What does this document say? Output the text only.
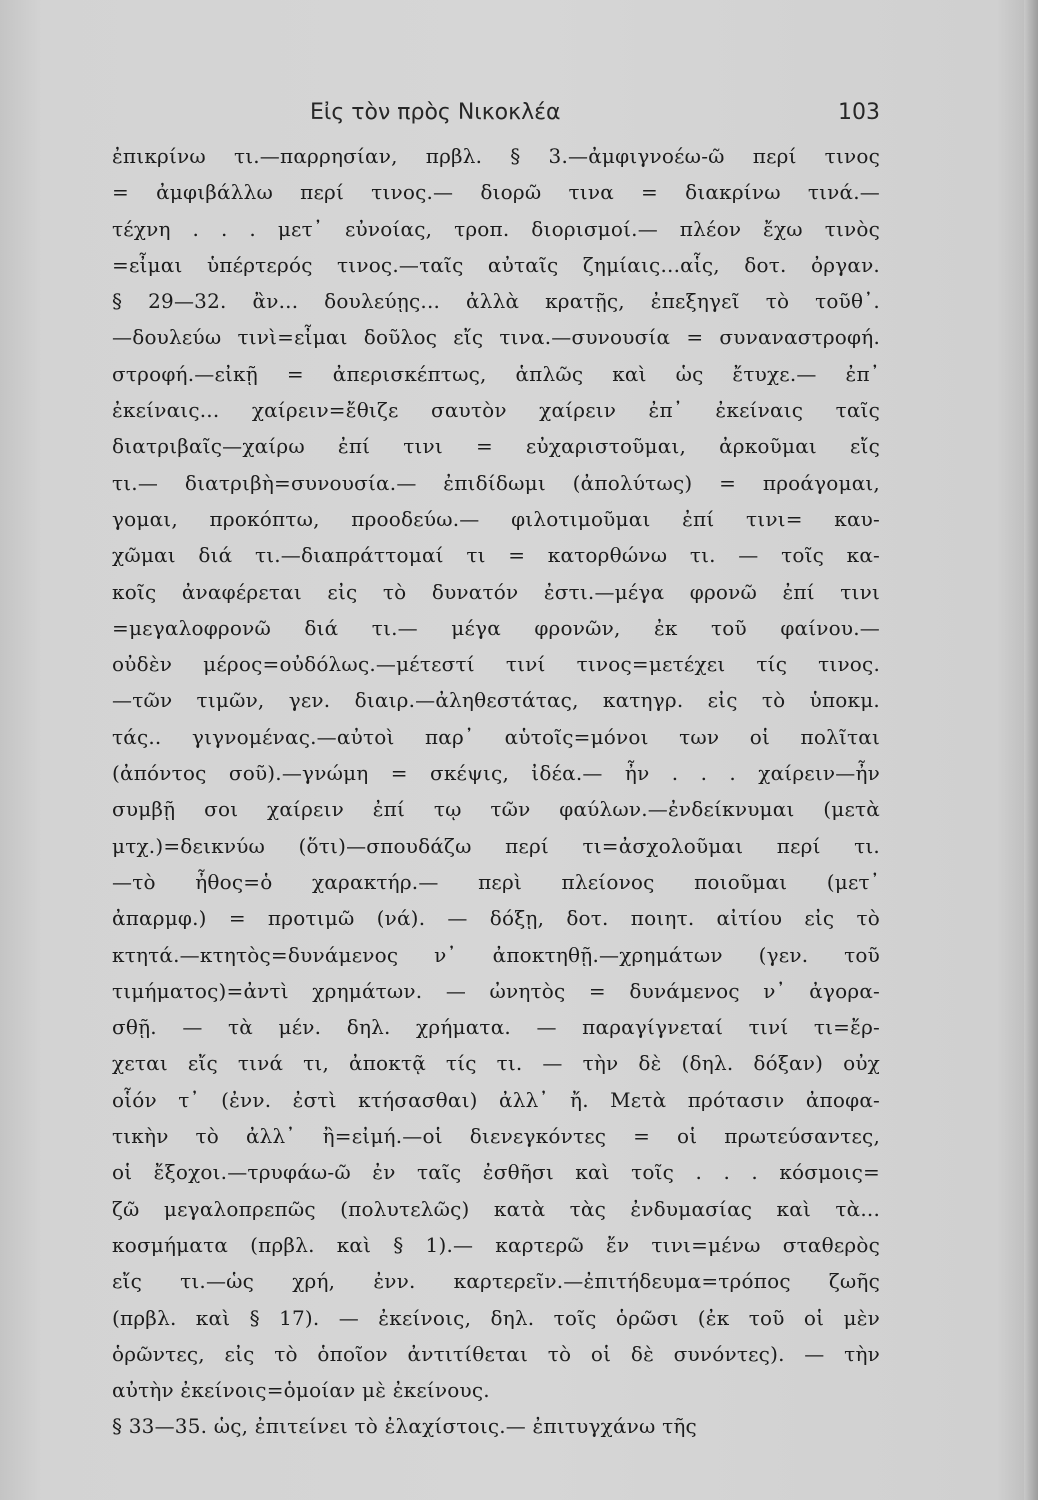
Εἰς τὸν πρὸς Νικοκλέα	103
ἐπικρίνω τι.—παρρησίαν, πρβλ. § 3.—ἀμφιγνοέω-ῶ περί τινος
= ἀμφιβάλλω περί τινος.— διορῶ τινα = διακρίνω τινά.—
τέχνη . . . μετ᾽ εὐνοίας, τροπ. διορισμοί.— πλέον ἔχω τινὸς
=εἶμαι ὑπέρτερός τινος.—ταῖς αὐταῖς ζημίαις...αἷς, δοτ. ὀργαν.
§ 29—32. ἂν... δουλεύῃς... ἀλλὰ κρατῇς, ἐπεξηγεῖ τὸ τοῦθ᾽.
—δουλεύω τινὶ=εἶμαι δοῦλος εἴς τινα.—συνουσία = συναναστροφή.
στροφή.—εἰκῇ = ἀπερισκέπτως, ἁπλῶς καὶ ὡς ἔτυχε.— ἐπ᾽
ἐκείναις... χαίρειν=ἔθιζε σαυτὸν χαίρειν ἐπ᾽ ἐκείναις ταῖς
διατριβαῖς—χαίρω ἐπί τινι = εὐχαριστοῦμαι, ἀρκοῦμαι εἴς
τι.— διατριβὴ=συνουσία.— ἐπιδίδωμι (ἀπολύτως) = προάγομαι,
γομαι, προκόπτω, προοδεύω.— φιλοτιμοῦμαι ἐπί τινι= καυ-
χῶμαι διά τι.—διαπράττομαί τι = κατορθώνω τι. — τοῖς κα-
κοῖς ἀναφέρεται εἰς τὸ δυνατόν ἐστι.—μέγα φρονῶ ἐπί τινι
=μεγαλοφρονῶ διά τι.— μέγα φρονῶν, ἐκ τοῦ φαίνου.—
οὐδὲν μέρος=οὐδόλως.—μέτεστί τινί τινος=μετέχει τίς τινος.
—τῶν τιμῶν, γεν. διαιρ.—ἀληθεστάτας, κατηγρ. εἰς τὸ ὑποκμ.
τάς.. γιγνομένας.—αὐτοὶ παρ᾽ αὑτοῖς=μόνοι των οἱ πολῖται
(ἀπόντος σοῦ).—γνώμη = σκέψις, ἰδέα.— ἦν . . . χαίρειν—ἦν
συμβῇ σοι χαίρειν ἐπί τῳ τῶν φαύλων.—ἐνδείκνυμαι (μετὰ
μτχ.)=δεικνύω (ὅτι)—σπουδάζω περί τι=ἀσχολοῦμαι περί τι.
—τὸ ἦθος=ὁ χαρακτήρ.— περὶ πλείονος ποιοῦμαι (μετ᾽
ἀπαρμφ.) = προτιμῶ (νά). — δόξῃ, δοτ. ποιητ. αἰτίου εἰς τὸ
κτητά.—κτητὸς=δυνάμενος ν᾽ ἀποκτηθῇ.—χρημάτων (γεν. τοῦ
τιμήματος)=ἀντὶ χρημάτων. — ὠνητὸς = δυνάμενος ν᾽ ἀγορα-
σθῇ. — τὰ μέν. δηλ. χρήματα. — παραγίγνεταί τινί τι=ἔρ-
χεται εἴς τινά τι, ἀποκτᾷ τίς τι. — τὴν δὲ (δηλ. δόξαν) οὐχ
οἷόν τ᾽ (ἐνν. ἐστὶ κτήσασθαι) ἀλλ᾽ ἤ. Μετὰ πρότασιν ἀποφα-
τικὴν τὸ ἀλλ᾽ ἢ=εἰμή.—οἱ διενεγκόντες = οἱ πρωτεύσαντες,
οἱ ἔξοχοι.—τρυφάω-ῶ ἐν ταῖς ἐσθῆσι καὶ τοῖς . . . κόσμοις=
ζῶ μεγαλοπρεπῶς (πολυτελῶς) κατὰ τὰς ἐνδυμασίας καὶ τὰ...
κοσμήματα (πρβλ. καὶ § 1).— καρτερῶ ἔν τινι=μένω σταθερὸς
εἴς τι.—ὡς χρή, ἐνν. καρτερεῖν.—ἐπιτήδευμα=τρόπος ζωῆς
(πρβλ. καὶ § 17). — ἐκείνοις, δηλ. τοῖς ὁρῶσι (ἐκ τοῦ οἱ μὲν
ὁρῶντες, εἰς τὸ ὁποῖον ἀντιτίθεται τὸ οἱ δὲ συνόντες). — τὴν
αὐτὴν ἐκείνοις=ὁμοίαν μὲ ἐκείνους.
§ 33—35. ὡς, ἐπιτείνει τὸ ἐλαχίστοις.— ἐπιτυγχάνω τῆς
